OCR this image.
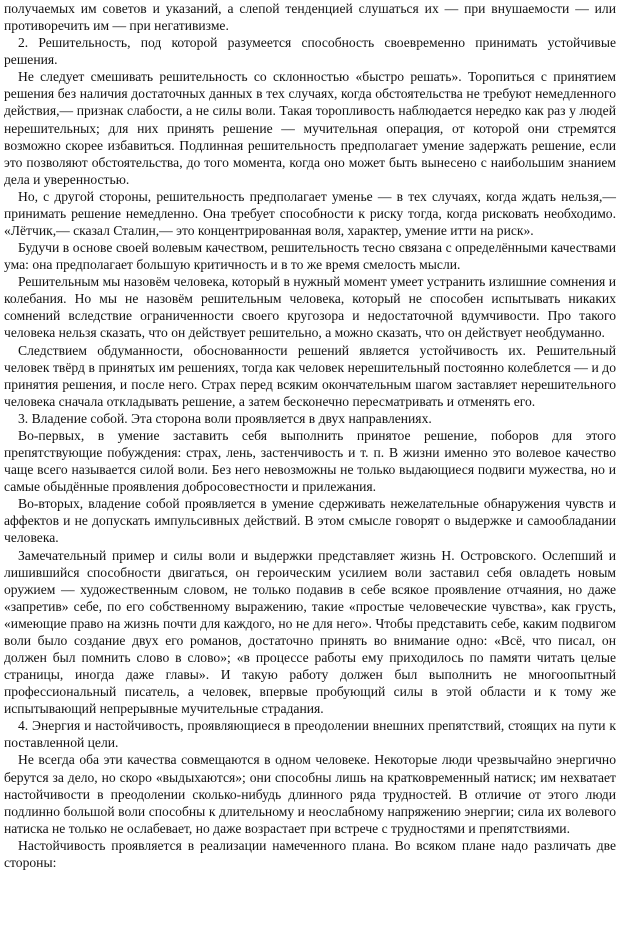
получаемых им советов и указаний, а слепой тенденцией слушаться их — при внушаемости — или противоречить им — при негативизме.

2. Решительность, под которой разумеется способность своевременно принимать устойчивые решения.

Не следует смешивать решительность со склонностью «быстро решать». Торопиться с принятием решения без наличия достаточных данных в тех случаях, когда обстоятельства не требуют немедленного действия,— признак слабости, а не силы воли. Такая торопливость наблюдается нередко как раз у людей нерешительных; для них принять решение — мучительная операция, от которой они стремятся возможно скорее избавиться. Подлинная решительность предполагает умение задержать решение, если это позволяют обстоятельства, до того момента, когда оно может быть вынесено с наибольшим знанием дела и уверенностью.

Но, с другой стороны, решительность предполагает уменье — в тех случаях, когда ждать нельзя,— принимать решение немедленно. Она требует способности к риску тогда, когда рисковать необходимо. «Лётчик,— сказал Сталин,— это концентрированная воля, характер, умение итти на риск».

Будучи в основе своей волевым качеством, решительность тесно связана с определёнными качествами ума: она предполагает большую критичность и в то же время смелость мысли.

Решительным мы назовём человека, который в нужный момент умеет устранить излишние сомнения и колебания. Но мы не назовём решительным человека, который не способен испытывать никаких сомнений вследствие ограниченности своего кругозора и недостаточной вдумчивости. Про такого человека нельзя сказать, что он действует решительно, а можно сказать, что он действует необдуманно.

Следствием обдуманности, обоснованности решений является устойчивость их. Решительный человек твёрд в принятых им решениях, тогда как человек нерешительный постоянно колеблется — и до принятия решения, и после него. Страх перед всяким окончательным шагом заставляет нерешительного человека сначала откладывать решение, а затем бесконечно пересматривать и отменять его.

3. Владение собой. Эта сторона воли проявляется в двух направлениях.

Во-первых, в умение заставить себя выполнить принятое решение, поборов для этого препятствующие побуждения: страх, лень, застенчивость и т. п. В жизни именно это волевое качество чаще всего называется силой воли. Без него невозможны не только выдающиеся подвиги мужества, но и самые обыдённые проявления добросовестности и прилежания.

Во-вторых, владение собой проявляется в умение сдерживать нежелательные обнаружения чувств и аффектов и не допускать импульсивных действий. В этом смысле говорят о выдержке и самообладании человека.

Замечательный пример и силы воли и выдержки представляет жизнь Н. Островского. Ослепший и лишившийся способности двигаться, он героическим усилием воли заставил себя овладеть новым оружием — художественным словом, не только подавив в себе всякое проявление отчаяния, но даже «запретив» себе, по его собственному выражению, такие «простые человеческие чувства», как грусть, «имеющие право на жизнь почти для каждого, но не для него». Чтобы представить себе, каким подвигом воли было создание двух его романов, достаточно принять во внимание одно: «Всё, что писал, он должен был помнить слово в слово»; «в процессе работы ему приходилось по памяти читать целые страницы, иногда даже главы». И такую работу должен был выполнить не многоопытный профессиональный писатель, а человек, впервые пробующий силы в этой области и к тому же испытывающий непрерывные мучительные страдания.

4. Энергия и настойчивость, проявляющиеся в преодолении внешних препятствий, стоящих на пути к поставленной цели.

Не всегда оба эти качества совмещаются в одном человеке. Некоторые люди чрезвычайно энергично берутся за дело, но скоро «выдыхаются»; они способны лишь на кратковременный натиск; им нехватает настойчивости в преодолении сколько-нибудь длинного ряда трудностей. В отличие от этого люди подлинно большой воли способны к длительному и неослабному напряжению энергии; сила их волевого натиска не только не ослабевает, но даже возрастает при встрече с трудностями и препятствиями.

Настойчивость проявляется в реализации намеченного плана. Во всяком плане надо различать две стороны:
